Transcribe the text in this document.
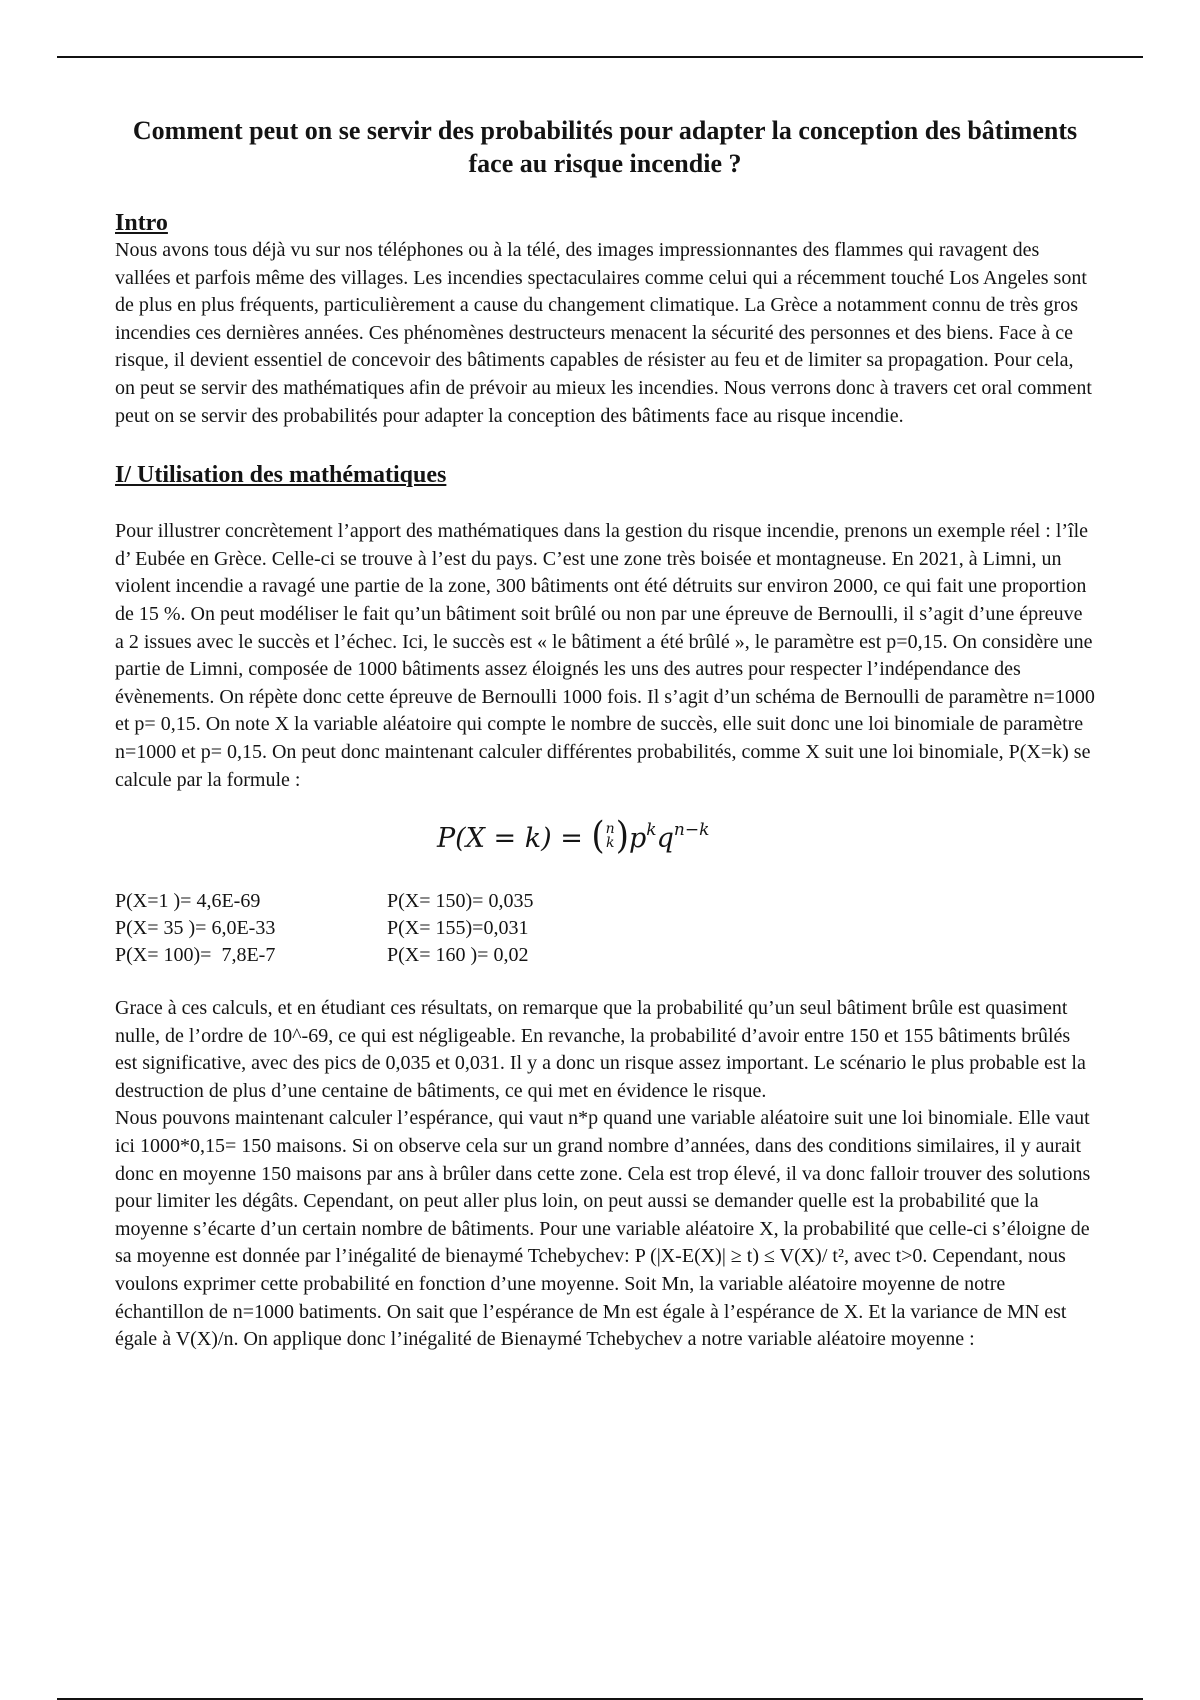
Comment peut on se servir des probabilités pour adapter la conception des bâtiments face au risque incendie ?
Intro

Nous avons tous déjà vu sur nos téléphones ou à la télé, des images impressionnantes des flammes qui ravagent des vallées et parfois même des villages. Les incendies spectaculaires comme celui qui a récemment touché Los Angeles sont de plus en plus fréquents, particulièrement a cause du changement climatique. La Grèce a notamment connu de très gros incendies ces dernières années. Ces phénomènes destructeurs menacent la sécurité des personnes et des biens. Face à ce risque, il devient essentiel de concevoir des bâtiments capables de résister au feu et de limiter sa propagation. Pour cela, on peut se servir des mathématiques afin de prévoir au mieux les incendies. Nous verrons donc à travers cet oral comment peut on se servir des probabilités pour adapter la conception des bâtiments face au risque incendie.

I/ Utilisation des mathématiques

Pour illustrer concrètement l’apport des mathématiques dans la gestion du risque incendie, prenons un exemple réel : l’île d’ Eubée en Grèce. Celle-ci se trouve à l’est du pays. C’est une zone très boisée et montagneuse. En 2021, à Limni, un violent incendie a ravagé une partie de la zone, 300 bâtiments ont été détruits sur environ 2000, ce qui fait une proportion de 15 %. On peut modéliser le fait qu’un bâtiment soit brûlé ou non par une épreuve de Bernoulli, il s’agit d’une épreuve a 2 issues avec le succès et l’échec. Ici, le succès est « le bâtiment a été brûlé », le paramètre est p=0,15. On considère une partie de Limni, composée de 1000 bâtiments assez éloignés les uns des autres pour respecter l’indépendance des évènements. On répète donc cette épreuve de Bernoulli 1000 fois. Il s’agit d’un schéma de Bernoulli de paramètre n=1000 et p= 0,15. On note X la variable aléatoire qui compte le nombre de succès, elle suit donc une loi binomiale de paramètre n=1000 et p= 0,15. On peut donc maintenant calculer différentes probabilités, comme X suit une loi binomiale, P(X=k) se calcule par la formule :

P(X = k) = ( n
k ) $p^kq^{n-k}$
P(X=1 )= 4,6E-69	P(X= 150)= 0,035
P(X= 35 )= 6,0E-33	P(X= 155)=0,031
P(X= 100)=  7,8E-7	P(X= 160 )= 0,02

Grace à ces calculs, et en étudiant ces résultats, on remarque que la probabilité qu’un seul bâtiment brûle est quasiment nulle, de l’ordre de 10^-69, ce qui est négligeable. En revanche, la probabilité d’avoir entre 150 et 155 bâtiments brûlés est significative, avec des pics de 0,035 et 0,031. Il y a donc un risque assez important. Le scénario le plus probable est la destruction de plus d’une centaine de bâtiments, ce qui met en évidence le risque.

Nous pouvons maintenant calculer l’espérance, qui vaut n*p quand une variable aléatoire suit une loi binomiale. Elle vaut ici 1000*0,15= 150 maisons. Si on observe cela sur un grand nombre d’années, dans des conditions similaires, il y aurait donc en moyenne 150 maisons par ans à brûler dans cette zone. Cela est trop élevé, il va donc falloir trouver des solutions pour limiter les dégâts. Cependant, on peut aller plus loin, on peut aussi se demander quelle est la probabilité que la moyenne s’écarte d’un certain nombre de bâtiments. Pour une variable aléatoire X, la probabilité que celle-ci s’éloigne de sa moyenne est donnée par l’inégalité de bienaymé Tchebychev: P (|X-E(X)| ≥ t) ≤ V(X)/ t², avec t>0. Cependant, nous voulons exprimer cette probabilité en fonction d’une moyenne. Soit Mn, la variable aléatoire moyenne de notre échantillon de n=1000 batiments. On sait que l’espérance de Mn est égale à l’espérance de X. Et la variance de MN est égale à V(X)/n. On applique donc l’inégalité de Bienaymé Tchebychev a notre variable aléatoire moyenne :
